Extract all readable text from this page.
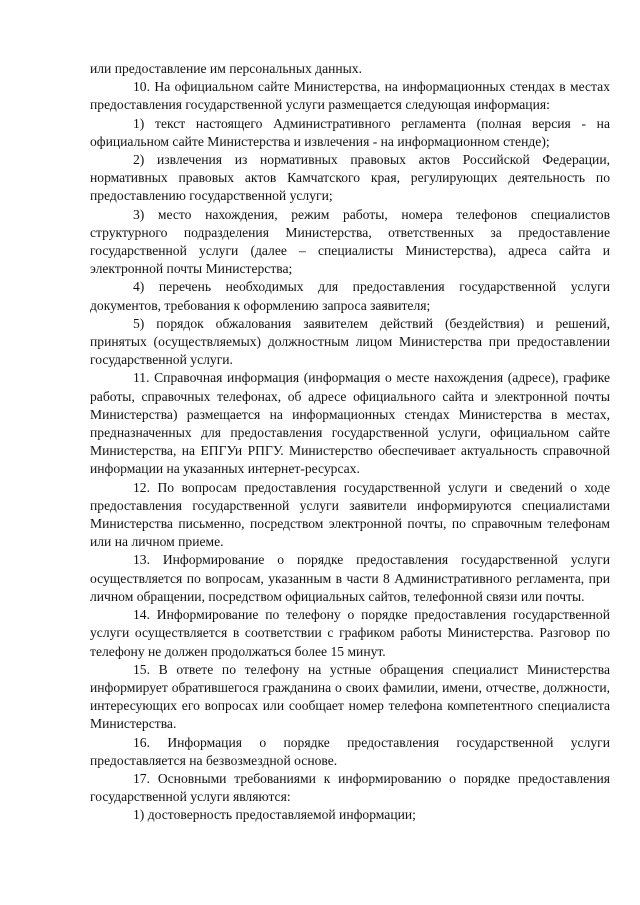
или предоставление им персональных данных.

10. На официальном сайте Министерства, на информационных стендах в местах предоставления государственной услуги размещается следующая информация:

1) текст настоящего Административного регламента (полная версия - на официальном сайте Министерства и извлечения - на информационном стенде);

2) извлечения из нормативных правовых актов Российской Федерации, нормативных правовых актов Камчатского края, регулирующих деятельность по предоставлению государственной услуги;

3) место нахождения, режим работы, номера телефонов специалистов структурного подразделения Министерства, ответственных за предоставление государственной услуги (далее – специалисты Министерства), адреса сайта и электронной почты Министерства;

4) перечень необходимых для предоставления государственной услуги документов, требования к оформлению запроса заявителя;

5) порядок обжалования заявителем действий (бездействия) и решений, принятых (осуществляемых) должностным лицом Министерства при предоставлении государственной услуги.

11. Справочная информация (информация о месте нахождения (адресе), графике работы, справочных телефонах, об адресе официального сайта и электронной почты Министерства) размещается на информационных стендах Министерства в местах, предназначенных для предоставления государственной услуги, официальном сайте Министерства, на ЕПГУи РПГУ. Министерство обеспечивает актуальность справочной информации на указанных интернет-ресурсах.

12. По вопросам предоставления государственной услуги и сведений о ходе предоставления государственной услуги заявители информируются специалистами Министерства письменно, посредством электронной почты, по справочным телефонам или на личном приеме.

13. Информирование о порядке предоставления государственной услуги осуществляется по вопросам, указанным в части 8 Административного регламента, при личном обращении, посредством официальных сайтов, телефонной связи или почты.

14. Информирование по телефону о порядке предоставления государственной услуги осуществляется в соответствии с графиком работы Министерства. Разговор по телефону не должен продолжаться более 15 минут.

15. В ответе по телефону на устные обращения специалист Министерства информирует обратившегося гражданина о своих фамилии, имени, отчестве, должности, интересующих его вопросах или сообщает номер телефона компетентного специалиста Министерства.

16. Информация о порядке предоставления государственной услуги предоставляется на безвозмездной основе.

17. Основными требованиями к информированию о порядке предоставления государственной услуги являются:

1) достоверность предоставляемой информации;
